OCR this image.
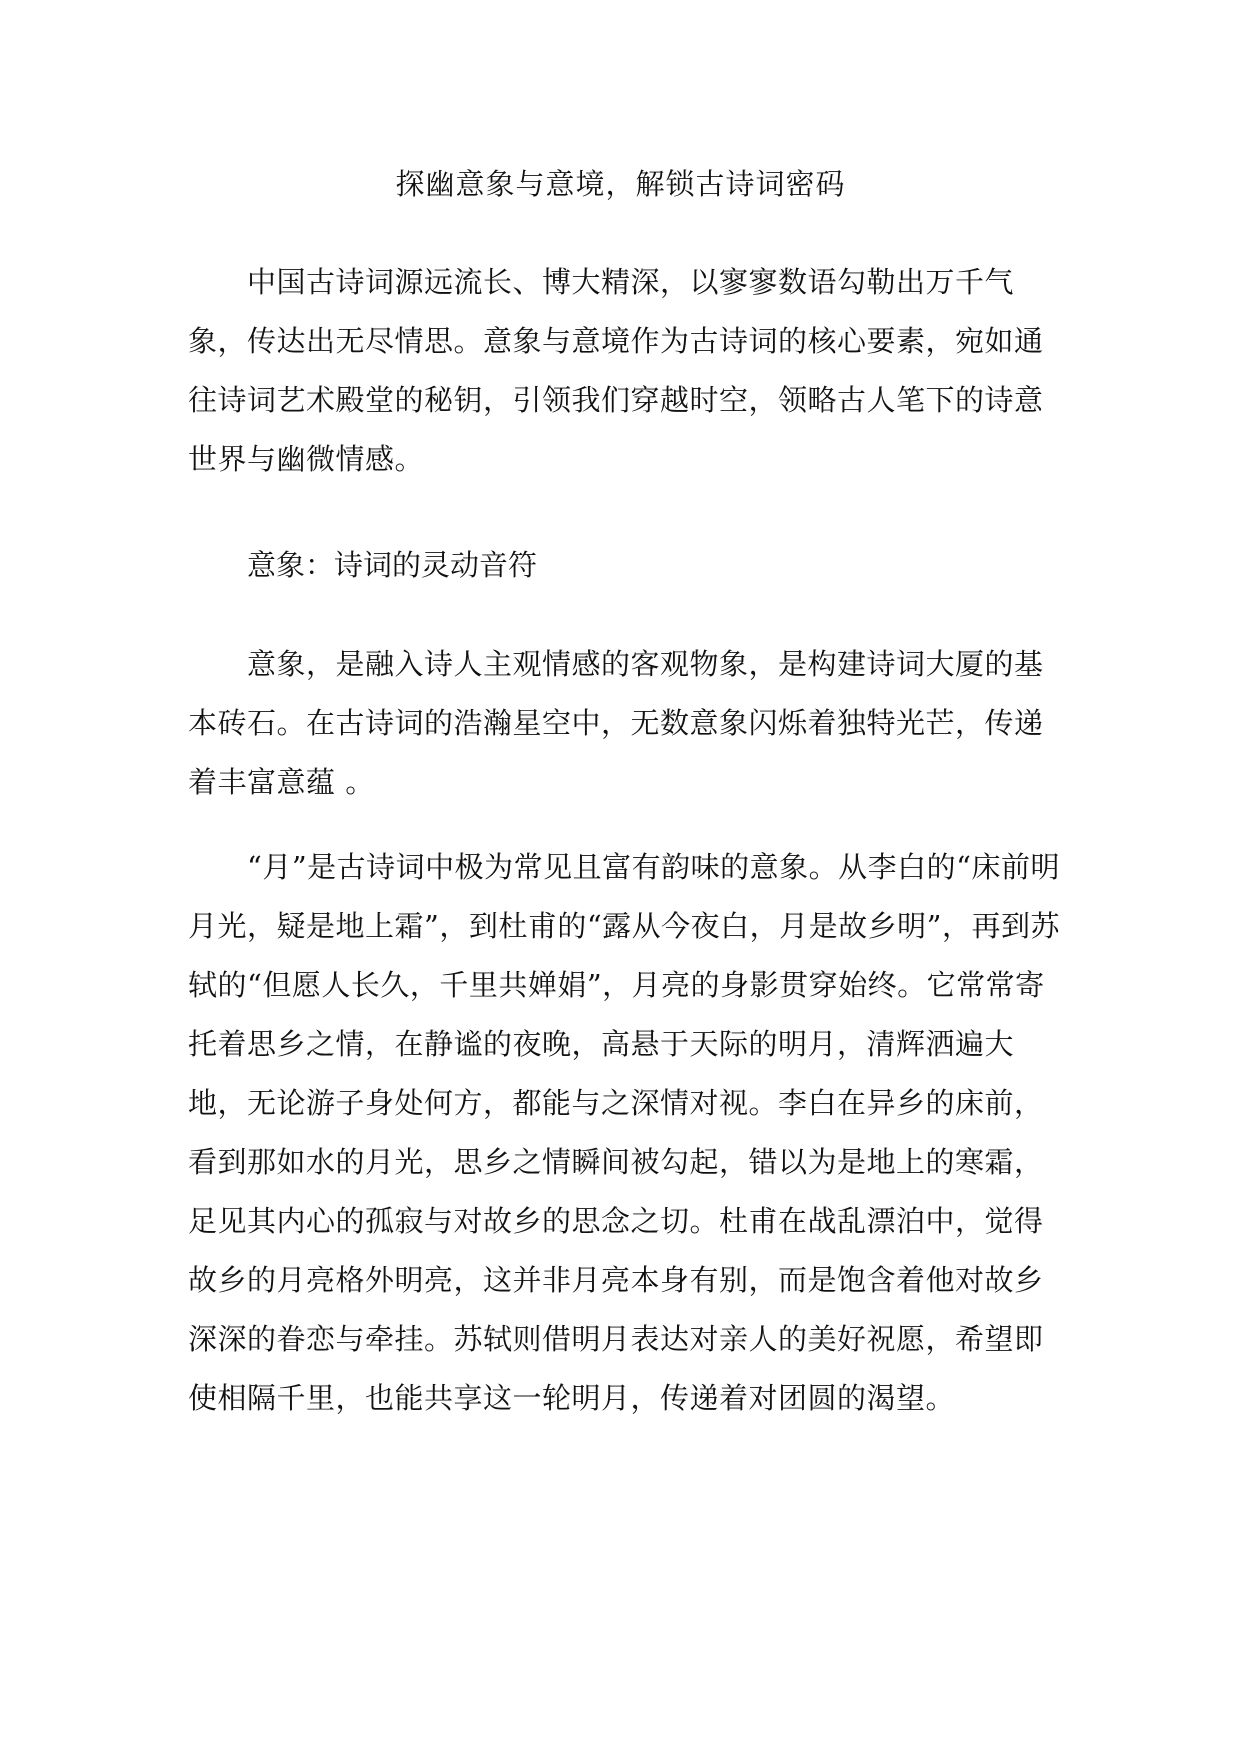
探幽意象与意境，解锁古诗词密码

中国古诗词源远流长、博大精深，以寥寥数语勾勒出万千气象，传达出无尽情思。意象与意境作为古诗词的核心要素，宛如通往诗词艺术殿堂的秘钥，引领我们穿越时空，领略古人笔下的诗意世界与幽微情感。

意象：诗词的灵动音符

意象，是融入诗人主观情感的客观物象，是构建诗词大厦的基本砖石。在古诗词的浩瀚星空中，无数意象闪烁着独特光芒，传递着丰富意蕴 。

“月”是古诗词中极为常见且富有韵味的意象。从李白的“床前明月光，疑是地上霜”，到杜甫的“露从今夜白，月是故乡明”，再到苏轼的“但愿人长久，千里共婵娟”，月亮的身影贯穿始终。它常常寄托着思乡之情，在静谧的夜晚，高悬于天际的明月，清辉洒遍大地，无论游子身处何方，都能与之深情对视。李白在异乡的床前，看到那如水的月光，思乡之情瞬间被勾起，错以为是地上的寒霜，足见其内心的孤寂与对故乡的思念之切。杜甫在战乱漂泊中，觉得故乡的月亮格外明亮，这并非月亮本身有别，而是饱含着他对故乡深深的眷恋与牵挂。苏轼则借明月表达对亲人的美好祝愿，希望即使相隔千里，也能共享这一轮明月，传递着对团圆的渴望。
